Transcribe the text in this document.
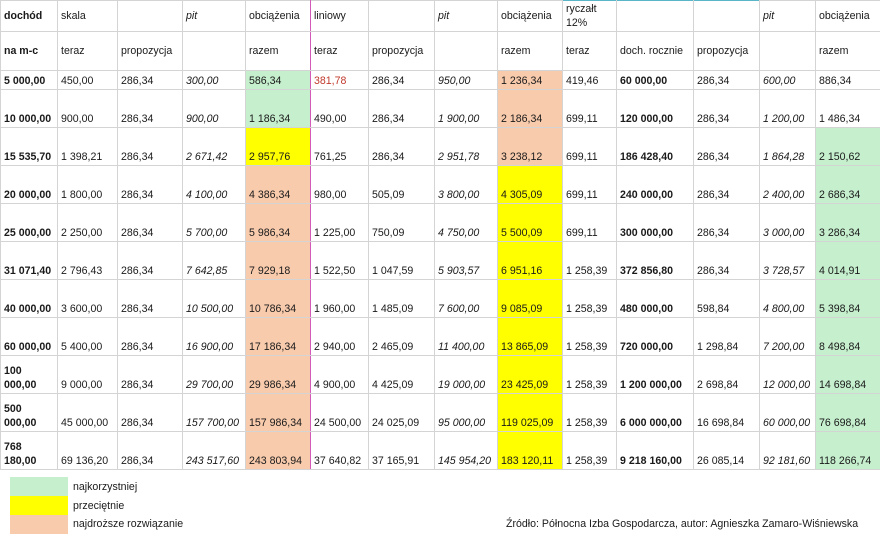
dochód	skala		pit	obciążenia	liniowy		pit	obciążenia	ryczałt 12%			pit	obciążenia
na m-c	teraz	propozycja		razem	teraz	propozycja		razem	teraz	doch. rocznie	propozycja		razem
5 000,00	450,00	286,34	300,00	586,34	381,78	286,34	950,00	1 236,34	419,46	60 000,00	286,34	600,00	886,34
10 000,00	900,00	286,34	900,00	1 186,34	490,00	286,34	1 900,00	2 186,34	699,11	120 000,00	286,34	1 200,00	1 486,34
15 535,70	1 398,21	286,34	2 671,42	2 957,76	761,25	286,34	2 951,78	3 238,12	699,11	186 428,40	286,34	1 864,28	2 150,62
20 000,00	1 800,00	286,34	4 100,00	4 386,34	980,00	505,09	3 800,00	4 305,09	699,11	240 000,00	286,34	2 400,00	2 686,34
25 000,00	2 250,00	286,34	5 700,00	5 986,34	1 225,00	750,09	4 750,00	5 500,09	699,11	300 000,00	286,34	3 000,00	3 286,34
31 071,40	2 796,43	286,34	7 642,85	7 929,18	1 522,50	1 047,59	5 903,57	6 951,16	1 258,39	372 856,80	286,34	3 728,57	4 014,91
40 000,00	3 600,00	286,34	10 500,00	10 786,34	1 960,00	1 485,09	7 600,00	9 085,09	1 258,39	480 000,00	598,84	4 800,00	5 398,84
60 000,00	5 400,00	286,34	16 900,00	17 186,34	2 940,00	2 465,09	11 400,00	13 865,09	1 258,39	720 000,00	1 298,84	7 200,00	8 498,84
100 000,00	9 000,00	286,34	29 700,00	29 986,34	4 900,00	4 425,09	19 000,00	23 425,09	1 258,39	1 200 000,00	2 698,84	12 000,00	14 698,84
500 000,00	45 000,00	286,34	157 700,00	157 986,34	24 500,00	24 025,09	95 000,00	119 025,09	1 258,39	6 000 000,00	16 698,84	60 000,00	76 698,84
768 180,00	69 136,20	286,34	243 517,60	243 803,94	37 640,82	37 165,91	145 954,20	183 120,11	1 258,39	9 218 160,00	26 085,14	92 181,60	118 266,74
najkorzystniej
przeciętnie
najdroższe rozwiązanie	Źródło: Północna Izba Gospodarcza, autor: Agnieszka Zamaro-Wiśniewska
